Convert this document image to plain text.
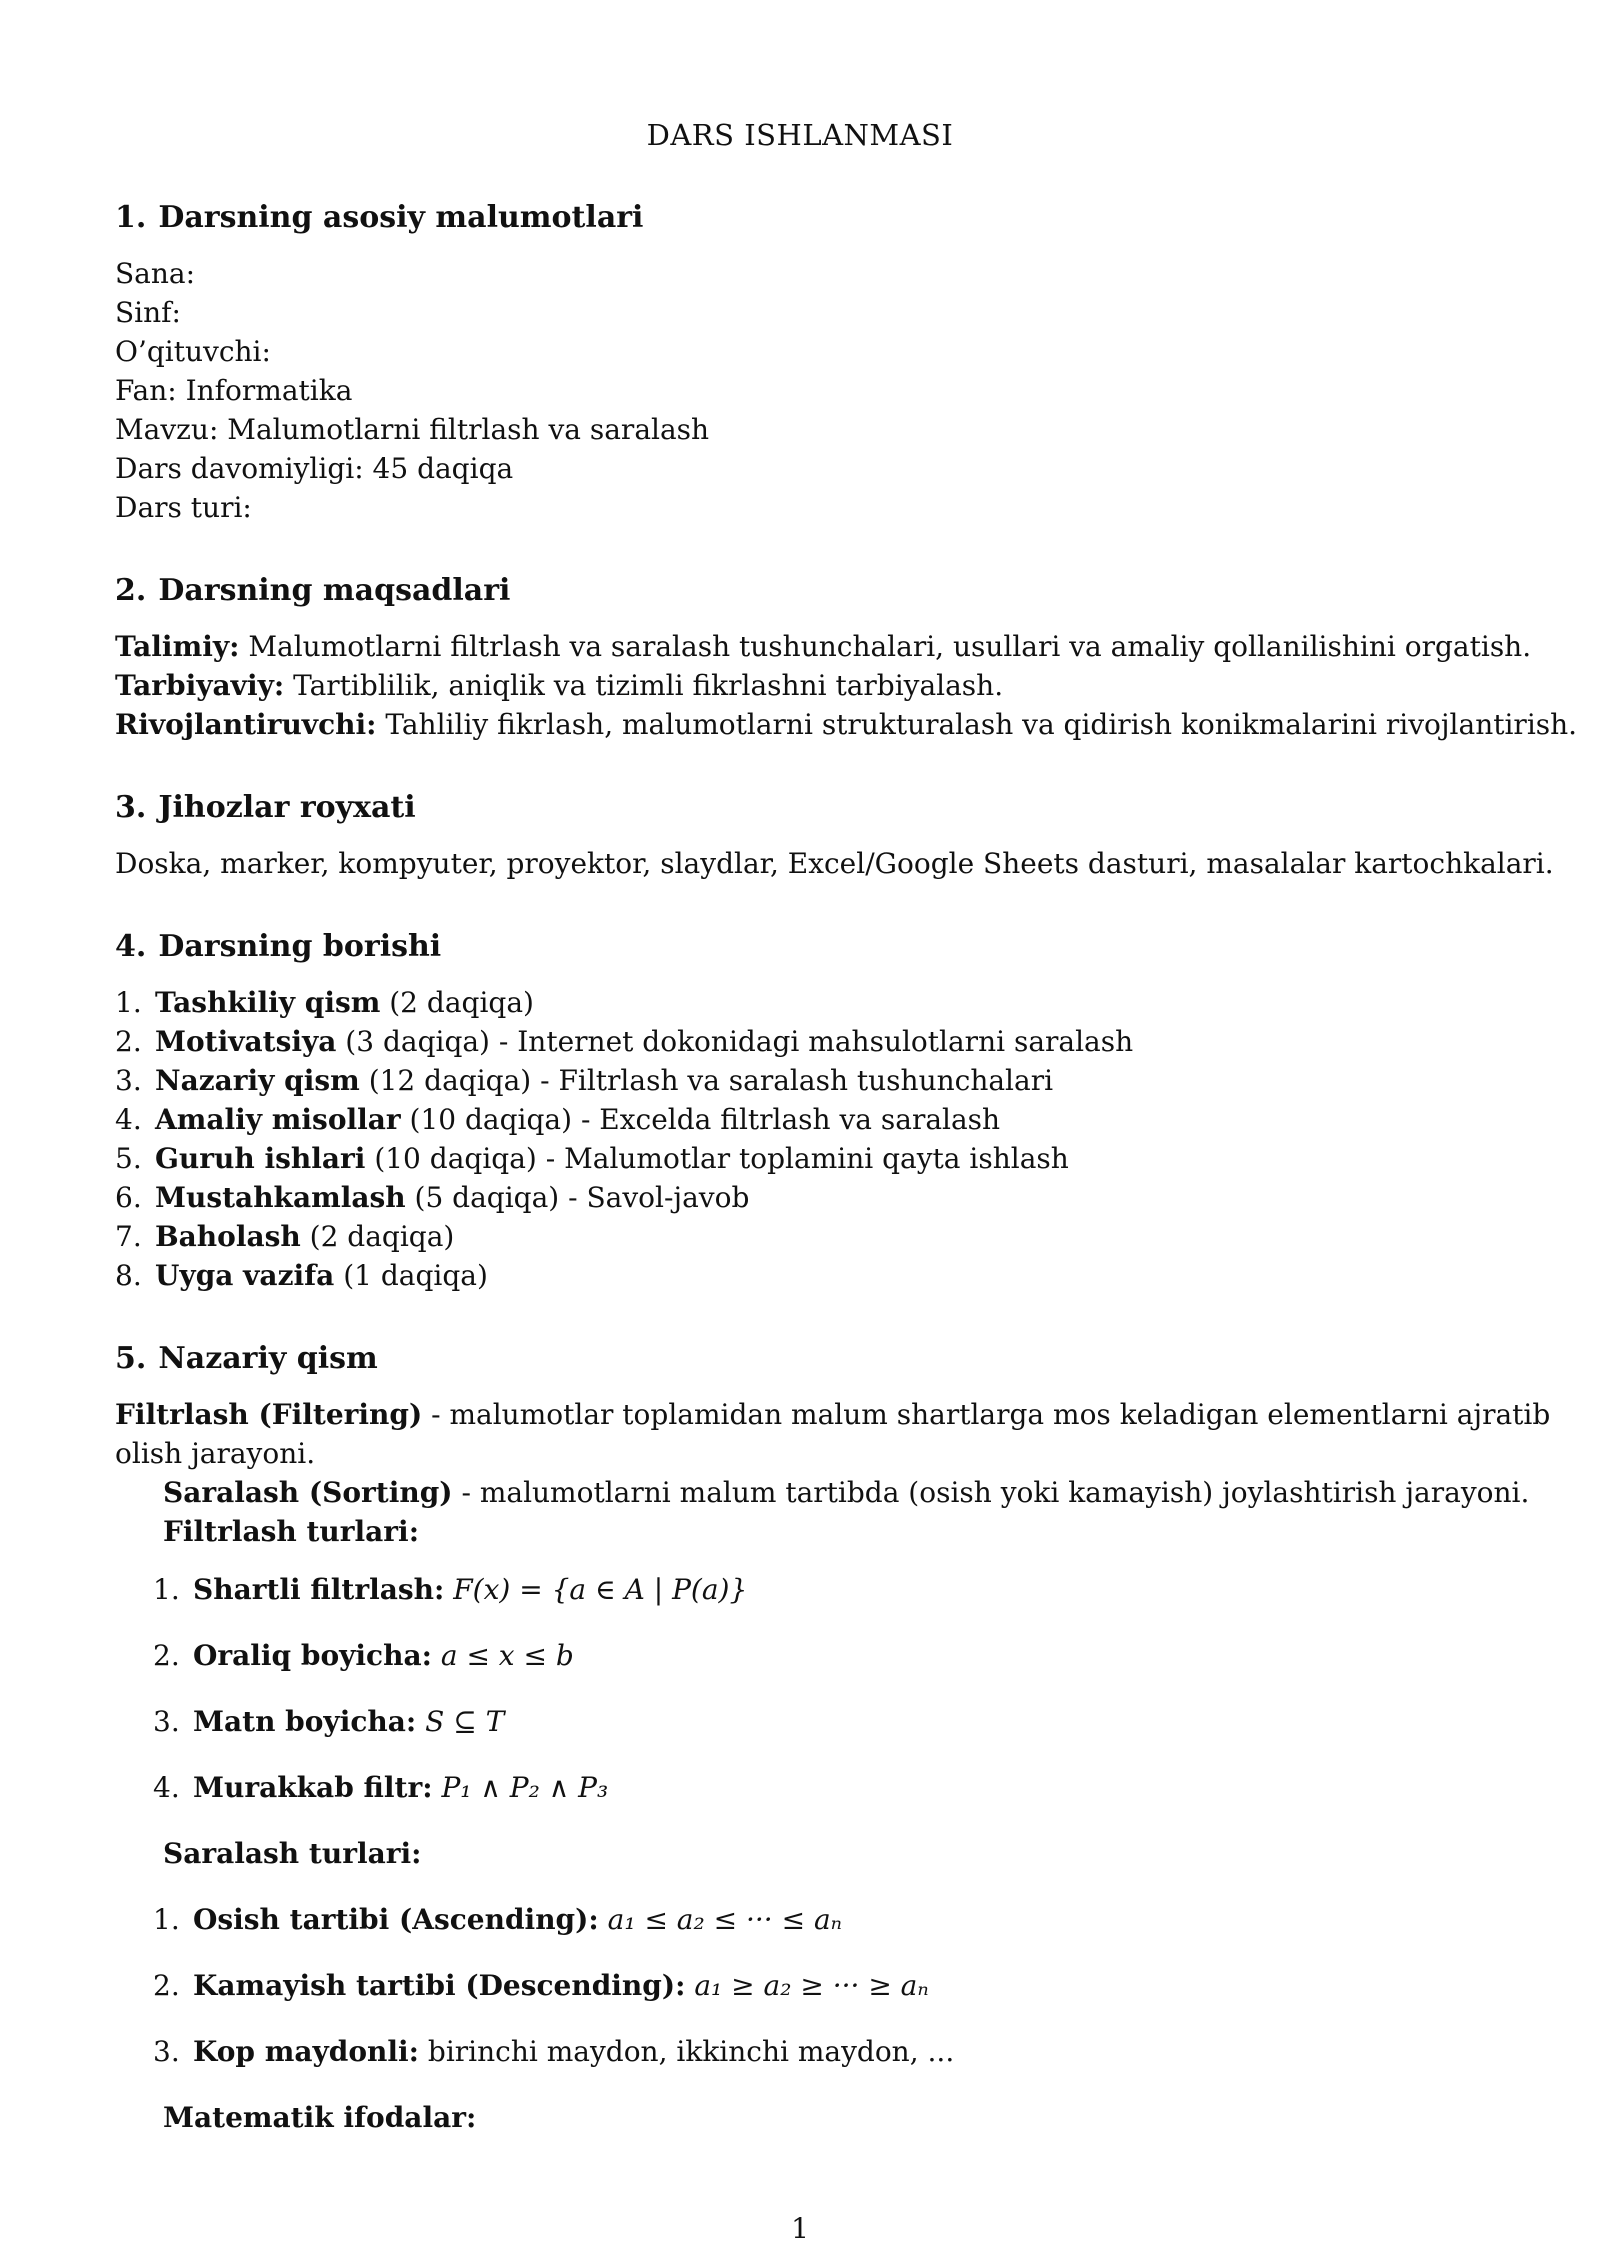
DARS ISHLANMASI
1. Darsning asosiy malumotlari
Sana:
Sinf:
O’qituvchi:
Fan: Informatika
Mavzu: Malumotlarni filtrlash va saralash
Dars davomiyligi: 45 daqiqa
Dars turi:
2. Darsning maqsadlari
Talimiy: Malumotlarni filtrlash va saralash tushunchalari, usullari va amaliy qollanilishini orgatish.
Tarbiyaviy: Tartiblilik, aniqlik va tizimli fikrlashni tarbiyalash.
Rivojlantiruvchi: Tahliliy fikrlash, malumotlarni strukturalash va qidirish konikmalarini rivojlantirish.
3. Jihozlar royxati
Doska, marker, kompyuter, proyektor, slaydlar, Excel/Google Sheets dasturi, masalalar kartochkalari.
4. Darsning borishi
1. Tashkiliy qism (2 daqiqa)
2. Motivatsiya (3 daqiqa) - Internet dokonidagi mahsulotlarni saralash
3. Nazariy qism (12 daqiqa) - Filtrlash va saralash tushunchalari
4. Amaliy misollar (10 daqiqa) - Excelda filtrlash va saralash
5. Guruh ishlari (10 daqiqa) - Malumotlar toplamini qayta ishlash
6. Mustahkamlash (5 daqiqa) - Savol-javob
7. Baholash (2 daqiqa)
8. Uyga vazifa (1 daqiqa)
5. Nazariy qism
Filtrlash (Filtering) - malumotlar toplamidan malum shartlarga mos keladigan elementlarni ajratib
olish jarayoni.
Saralash (Sorting) - malumotlarni malum tartibda (osish yoki kamayish) joylashtirish jarayoni.
Filtrlash turlari:
1. Shartli filtrlash: F(x) = {a ∈ A | P(a)}
2. Oraliq boyicha: a ≤ x ≤ b
3. Matn boyicha: S ⊆ T
4. Murakkab filtr: P₁ ∧ P₂ ∧ P₃
Saralash turlari:
1. Osish tartibi (Ascending): a₁ ≤ a₂ ≤ ··· ≤ aₙ
2. Kamayish tartibi (Descending): a₁ ≥ a₂ ≥ ··· ≥ aₙ
3. Kop maydonli: birinchi maydon, ikkinchi maydon, ...
Matematik ifodalar:
1
